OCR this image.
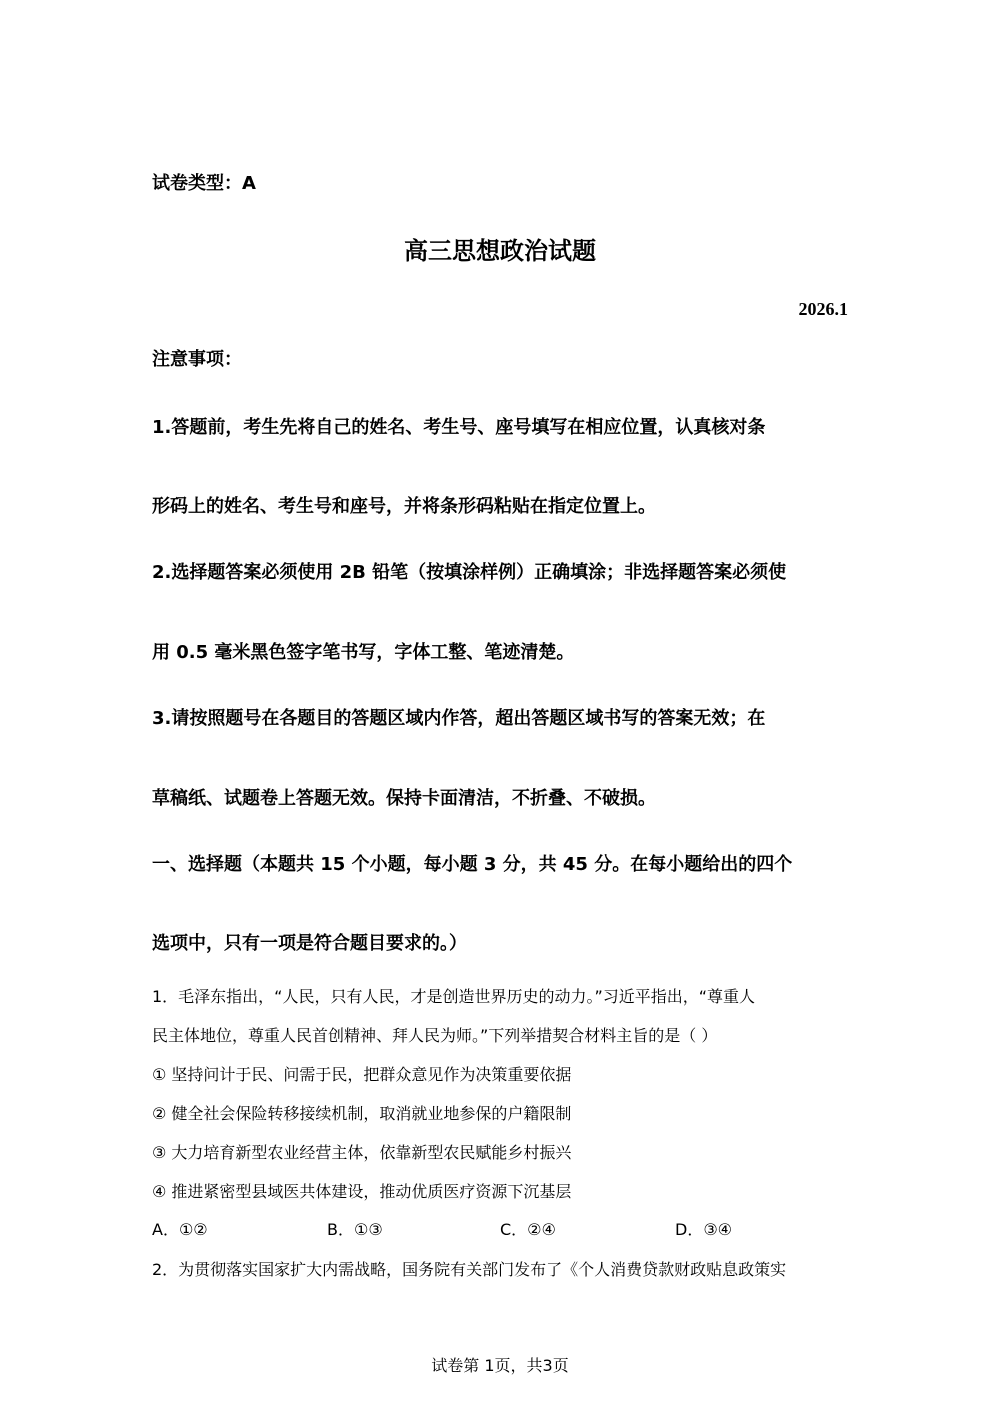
试卷类型：A
高三思想政治试题
2026.1
注意事项：
1.答题前，考生先将自己的姓名、考生号、座号填写在相应位置，认真核对条
形码上的姓名、考生号和座号，并将条形码粘贴在指定位置上。
2.选择题答案必须使用 2B 铅笔（按填涂样例）正确填涂；非选择题答案必须使
用 0.5 毫米黑色签字笔书写，字体工整、笔迹清楚。
3.请按照题号在各题目的答题区域内作答，超出答题区域书写的答案无效；在
草稿纸、试题卷上答题无效。保持卡面清洁，不折叠、不破损。
一、选择题（本题共 15 个小题，每小题 3 分，共 45 分。在每小题给出的四个
选项中，只有一项是符合题目要求的。）
1．毛泽东指出，“人民，只有人民，才是创造世界历史的动力。”习近平指出，“尊重人
民主体地位，尊重人民首创精神、拜人民为师。”下列举措契合材料主旨的是（ ）
① 坚持问计于民、问需于民，把群众意见作为决策重要依据
② 健全社会保险转移接续机制，取消就业地参保的户籍限制
③ 大力培育新型农业经营主体，依靠新型农民赋能乡村振兴
④ 推进紧密型县域医共体建设，推动优质医疗资源下沉基层
A．①②	B．①③	C．②④	D．③④
2．为贯彻落实国家扩大内需战略，国务院有关部门发布了《个人消费贷款财政贴息政策实
试卷第 1页，共3页
